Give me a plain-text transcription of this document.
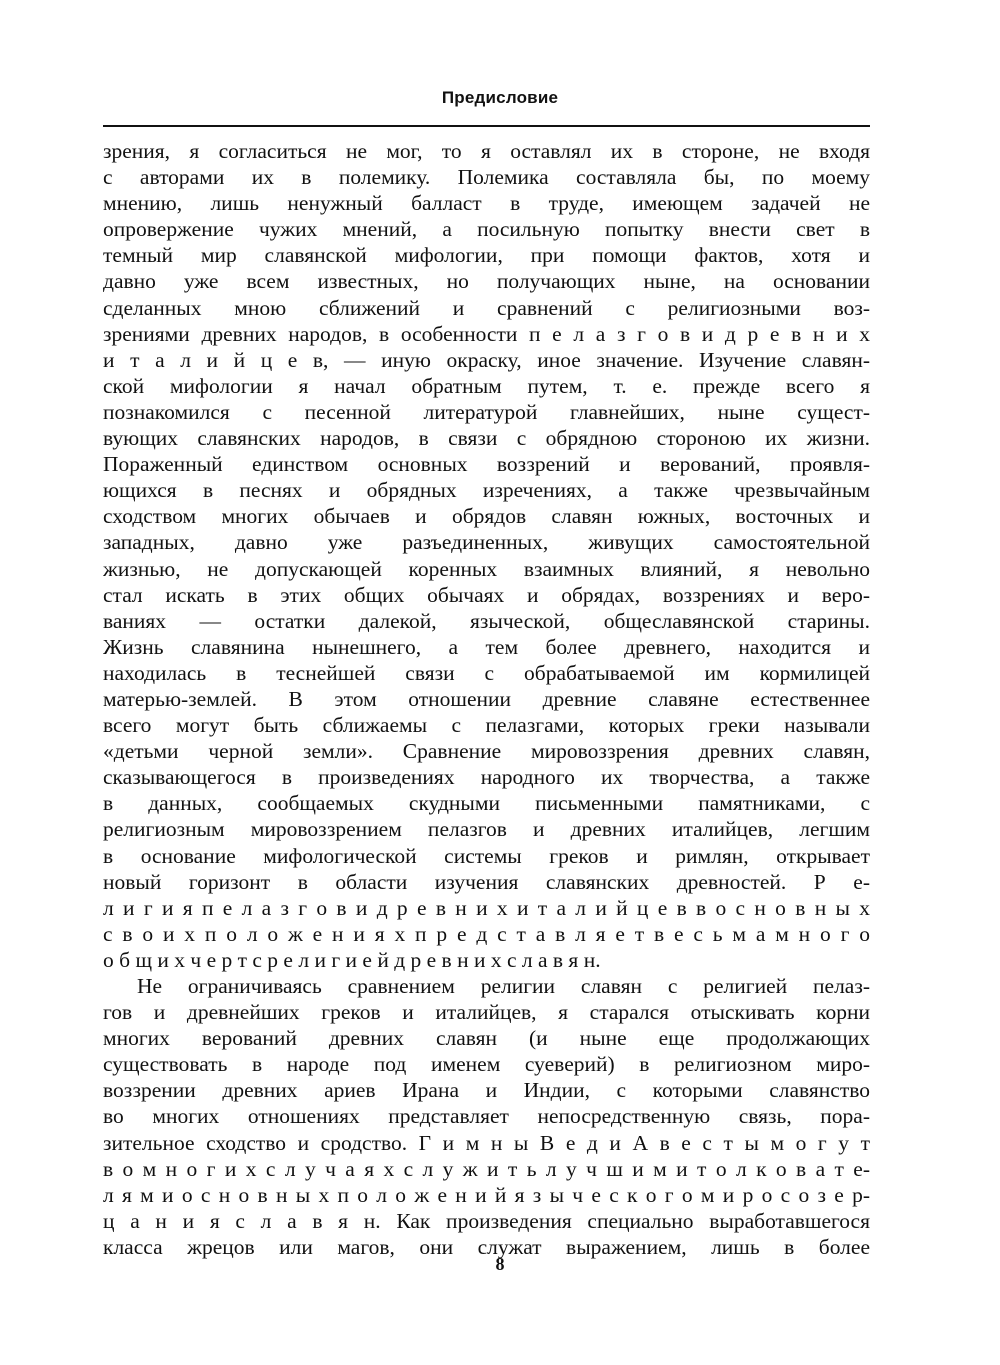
Предисловие
зрения, я согласиться не мог, то я оставлял их в стороне, не входя
с авторами их в полемику. Полемика составляла бы, по моему
мнению, лишь ненужный балласт в труде, имеющем задачей не
опровержение чужих мнений, а посильную попытку внести свет в
темный мир славянской мифологии, при помощи фактов, хотя и
давно уже всем известных, но получающих ныне, на основании
сделанных мною сближений и сравнений с религиозными воз-
зрениями древних народов, в особенности п е л а з г о в и д р е в н и х
и т а л и й ц е в, — иную окраску, иное значение. Изучение славян-
ской мифологии я начал обратным путем, т. е. прежде всего я
познакомился с песенной литературой главнейших, ныне сущест-
вующих славянских народов, в связи с обрядною стороною их жизни.
Пораженный единством основных воззрений и верований, проявля-
ющихся в песнях и обрядных изречениях, а также чрезвычайным
сходством многих обычаев и обрядов славян южных, восточных и
западных, давно уже разъединенных, живущих самостоятельной
жизнью, не допускающей коренных взаимных влияний, я невольно
стал искать в этих общих обычаях и обрядах, воззрениях и веро-
ваниях — остатки далекой, языческой, общеславянской старины.
Жизнь славянина нынешнего, а тем более древнего, находится и
находилась в теснейшей связи с обрабатываемой им кормилицей
матерью-землей. В этом отношении древние славяне естественнее
всего могут быть сближаемы с пелазгами, которых греки называли
«детьми черной земли». Сравнение мировоззрения древних славян,
сказывающегося в произведениях народного их творчества, а также
в данных, сообщаемых скудными письменными памятниками, с
религиозным мировоззрением пелазгов и древних италийцев, легшим
в основание мифологической системы греков и римлян, открывает
новый горизонт в области изучения славянских древностей. Р е-
л и г и я п е л а з г о в и д р е в н и х и т а л и й ц е в в о с н о в н ы х
с в о и х п о л о ж е н и я х п р е д с т а в л я е т в е с ь м а м н о г о
о б щ и х ч е р т с р е л и г и е й д р е в н и х с л а в я н.
Не ограничиваясь сравнением религии славян с религией пелаз-
гов и древнейших греков и италийцев, я старался отыскивать корни
многих верований древних славян (и ныне еще продолжающих
существовать в народе под именем суеверий) в религиозном миро-
воззрении древних ариев Ирана и Индии, с которыми славянство
во многих отношениях представляет непосредственную связь, пора-
зительное сходство и сродство. Г и м н ы В е д и А в е с т ы м о г у т
в о м н о г и х с л у ч а я х с л у ж и т ь л у ч ш и м и т о л к о в а т е-
л я м и о с н о в н ы х п о л о ж е н и й я з ы ч е с к о г о м и р о с о з е р-
ц а н и я с л а в я н. Как произведения специально выработавшегося
класса жрецов или магов, они служат выражением, лишь в более
8
